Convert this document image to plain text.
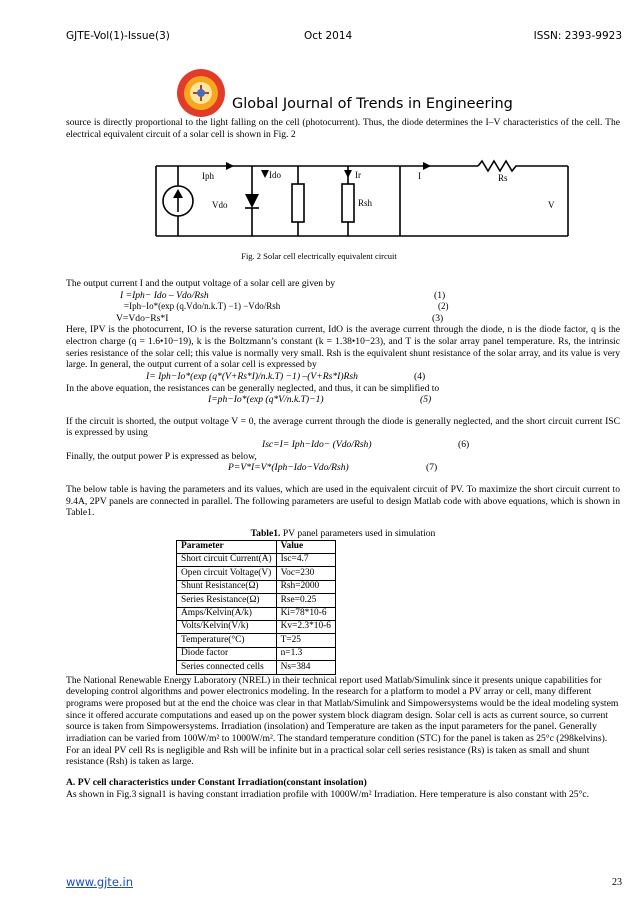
GJTE-Vol(1)-Issue(3)	Oct 2014	ISSN: 2393-9923
Global Journal of Trends in Engineering

source is directly proportional to the light falling on the cell (photocurrent). Thus, the diode determines the I–V characteristics of the cell. The electrical equivalent circuit of a solar cell is shown in Fig. 2

Iph
Vdo
Ido	I
Ir
Rsh
Rs
V
Fig. 2 Solar cell electrically equivalent circuit

The output current I and the output voltage of a solar cell are given by

I =Iph− Ido – Vdo/Rsh	(1)
=Iph−Io*(exp (q.Vdo/n.k.T) −1) −Vdo/Rsh	(2)
V=Vdo−Rs*I	(3)

Here, IPV is the photocurrent, IO is the reverse saturation current, IdO is the average current through the diode, n is the diode factor, q is the electron charge (q = 1.6•10−19), k is the Boltzmann’s constant (k = 1.38•10−23), and T is the solar array panel temperature. Rs, the intrinsic series resistance of the solar cell; this value is normally very small. Rsh is the equivalent shunt resistance of the solar array, and its value is very large. In general, the output current of a solar cell is expressed by

I= Iph−Io*(exp (q*(V+Rs*I)/n.k.T) −1) –(V+Rs*I)Rsh	(4)

In the above equation, the resistances can be generally neglected, and thus, it can be simplified to

I=ph−Io*(exp (q*V/n.k.T)−1)	(5)

If the circuit is shorted, the output voltage V = 0, the average current through the diode is generally neglected, and the short circuit current ISC is expressed by using

Isc=I= Iph−Ido− (Vdo/Rsh)	(6)

Finally, the output power P is expressed as below,

P=V*I=V*(Iph−Ido−Vdo/Rsh)	(7)

The below table is having the parameters and its values, which are used in the equivalent circuit of PV. To maximize the short circuit current to 9.4A, 2PV panels are connected in parallel. The following parameters are useful to design Matlab code with above equations, which is shown in Table1.

Table1. PV panel parameters used in simulation
Parameter	Value
Short circuit Current(A)	Isc=4.7
Open circuit Voltage(V)	Voc=230
Shunt Resistance(Ω)	Rsh=2000
Series Resistance(Ω)	Rse=0.25
Amps/Kelvin(A/k)	Ki=78*10-6
Volts/Kelvin(V/k)	Kv=2.3*10-6
Temperature(°C)	T=25
Diode factor	n=1.3
Series connected cells	Ns=384

The National Renewable Energy Laboratory (NREL) in their technical report used Matlab/Simulink since it presents unique capabilities for developing control algorithms and power electronics modeling. In the research for a platform to model a PV array or cell, many different programs were proposed but at the end the choice was clear in that Matlab/Simulink and Simpowersystems would be the ideal modeling system since it offered accurate computations and eased up on the power system block diagram design. Solar cell is acts as current source, so current source is taken from Simpowersystems. Irradiation (insolation) and Temperature are taken as the input parameters for the panel. Generally irradiation can be varied from 100W/m² to 1000W/m². The standard temperature condition (STC) for the panel is taken as 25°c (298kelvins). For an ideal PV cell Rs is negligible and Rsh will be infinite but in a practical solar cell series resistance (Rs) is taken as small and shunt resistance (Rsh) is taken as large.

A. PV cell characteristics under Constant Irradiation(constant insolation)

As shown in Fig.3 signal1 is having constant irradiation profile with 1000W/m² Irradiation. Here temperature is also constant with 25°c.

www.gjte.in	23
